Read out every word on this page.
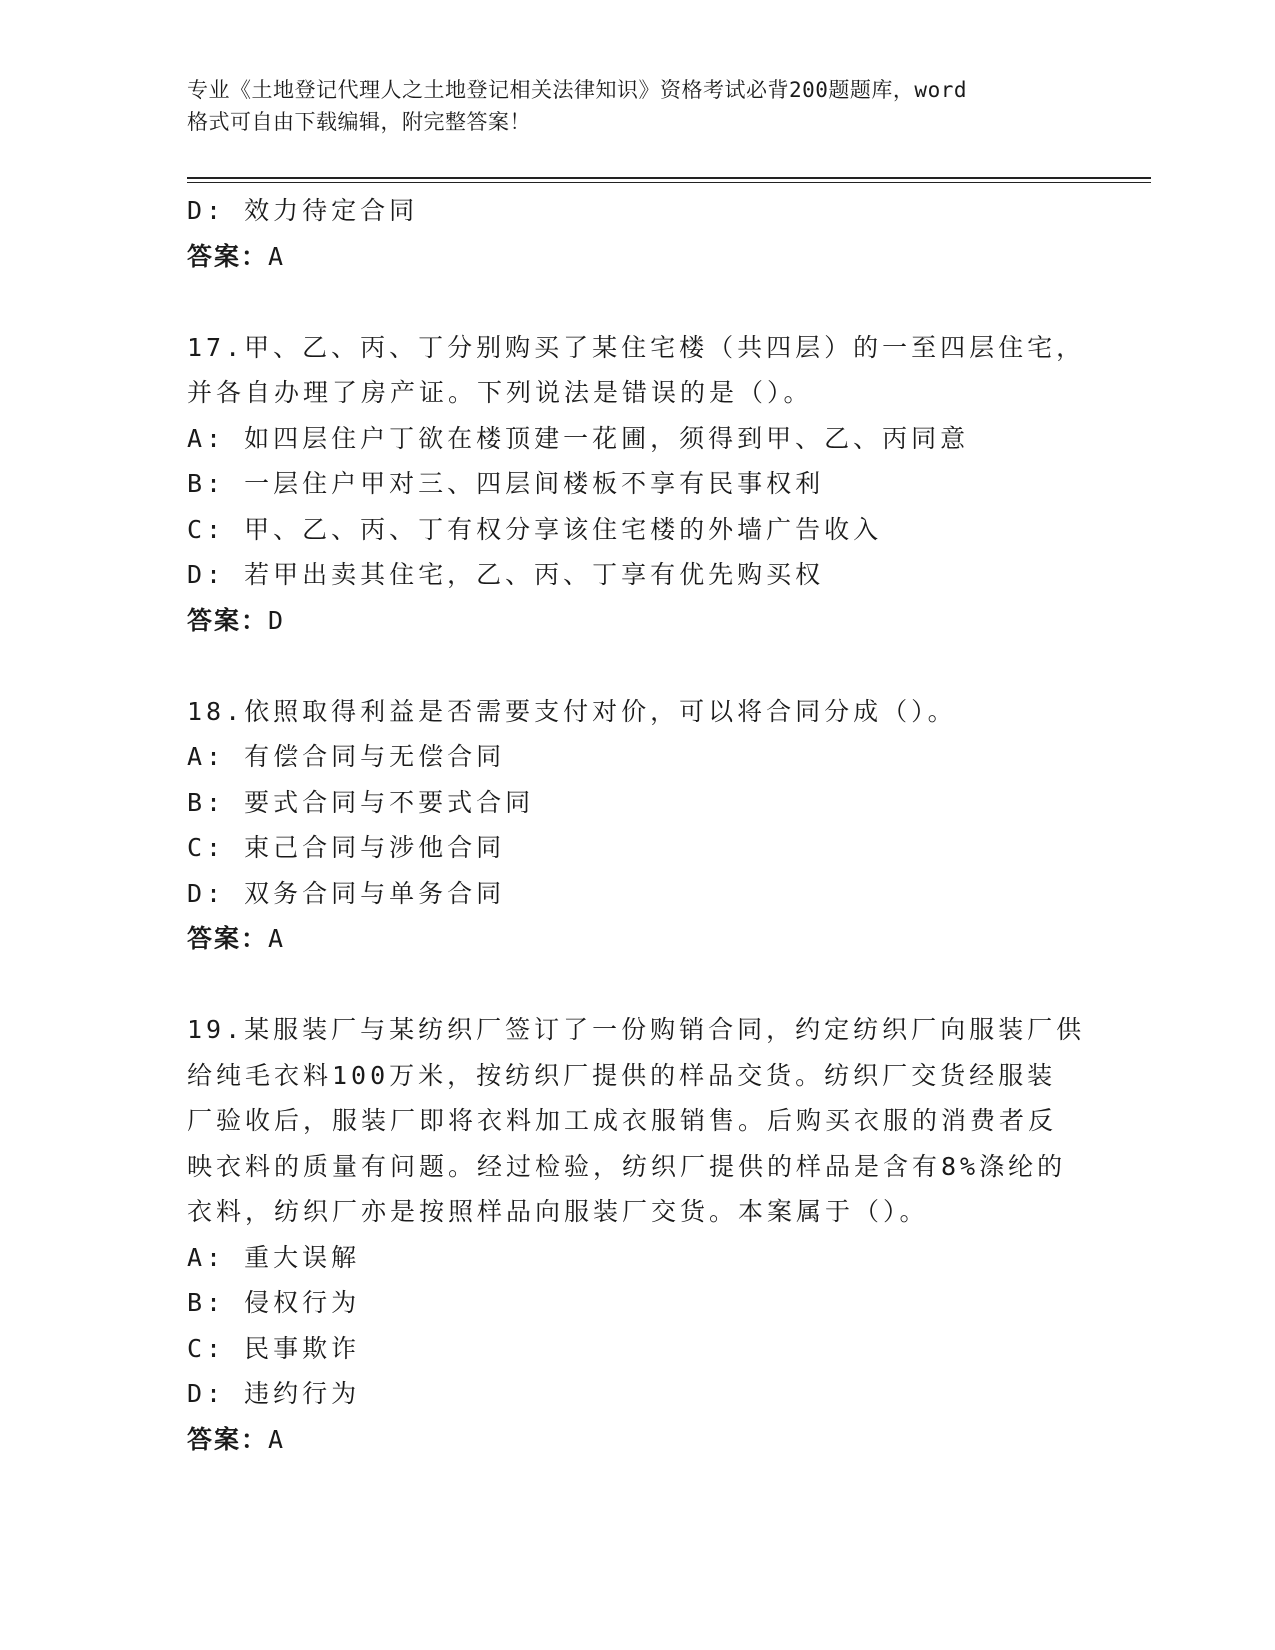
专业《土地登记代理人之土地登记相关法律知识》资格考试必背200题题库，word
格式可自由下载编辑，附完整答案！
D: 效力待定合同
答案：A
17.甲、乙、丙、丁分别购买了某住宅楼（共四层）的一至四层住宅，
并各自办理了房产证。下列说法是错误的是（）。
A: 如四层住户丁欲在楼顶建一花圃，须得到甲、乙、丙同意
B: 一层住户甲对三、四层间楼板不享有民事权利
C: 甲、乙、丙、丁有权分享该住宅楼的外墙广告收入
D: 若甲出卖其住宅，乙、丙、丁享有优先购买权
答案：D
18.依照取得利益是否需要支付对价，可以将合同分成（）。
A: 有偿合同与无偿合同
B: 要式合同与不要式合同
C: 束己合同与涉他合同
D: 双务合同与单务合同
答案：A
19.某服装厂与某纺织厂签订了一份购销合同，约定纺织厂向服装厂供
给纯毛衣料100万米，按纺织厂提供的样品交货。纺织厂交货经服装
厂验收后，服装厂即将衣料加工成衣服销售。后购买衣服的消费者反
映衣料的质量有问题。经过检验，纺织厂提供的样品是含有8%涤纶的
衣料，纺织厂亦是按照样品向服装厂交货。本案属于（）。
A: 重大误解
B: 侵权行为
C: 民事欺诈
D: 违约行为
答案：A
